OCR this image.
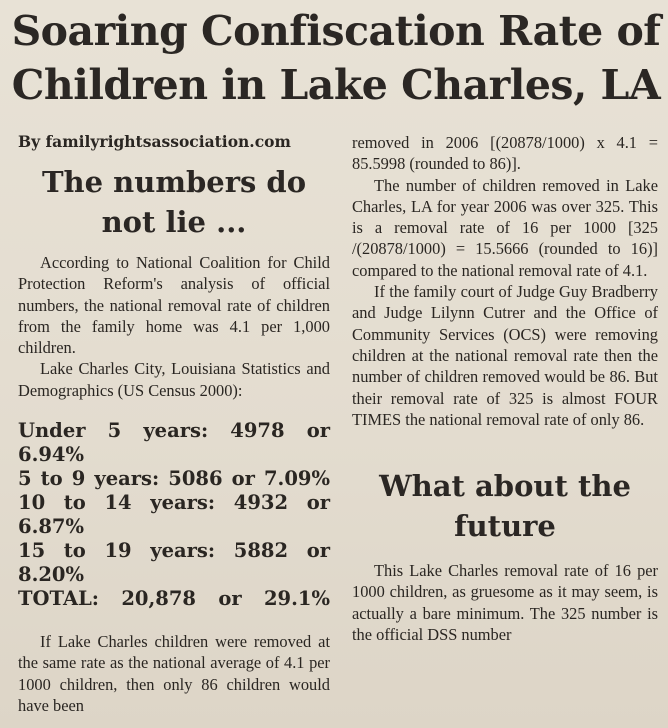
Soaring Confiscation Rate of Children in Lake Charles, LA
By familyrightsassociation.com
The numbers do not lie ...

According to National Coalition for Child Protection Reform's analysis of official numbers, the national removal rate of children from the family home was 4.1 per 1,000 children.

Lake Charles City, Louisiana Statistics and Demographics (US Census 2000):

Under 5 years: 4978 or 6.94%
5 to 9 years: 5086 or 7.09%
10 to 14 years: 4932 or 6.87%
15 to 19 years: 5882 or 8.20%
TOTAL: 20,878 or 29.1%

If Lake Charles children were removed at the same rate as the national average of 4.1 per 1000 children, then only 86 children would have been

removed in 2006 [(20878/1000) x 4.1 = 85.5998 (rounded to 86)].

The number of children removed in Lake Charles, LA for year 2006 was over 325. This is a removal rate of 16 per 1000 [325 /(20878/1000) = 15.5666 (rounded to 16)] compared to the national removal rate of 4.1.

If the family court of Judge Guy Bradberry and Judge Lilynn Cutrer and the Office of Community Services (OCS) were removing children at the national removal rate then the number of children removed would be 86. But their removal rate of 325 is almost FOUR TIMES the national removal rate of only 86.

What about the future

This Lake Charles removal rate of 16 per 1000 children, as gruesome as it may seem, is actually a bare minimum. The 325 number is the official DSS number
